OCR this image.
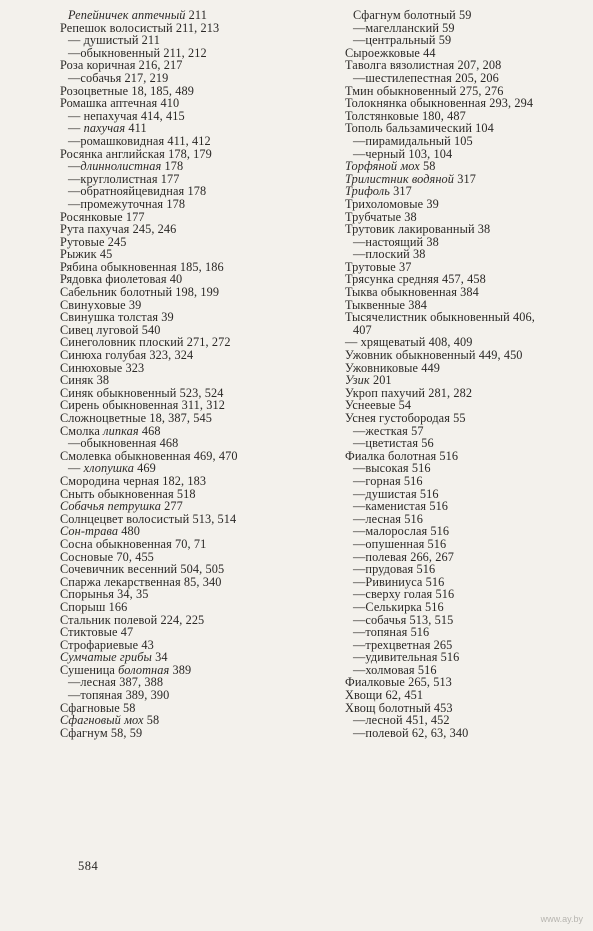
Репейничек аптечный 211
Репешок волосистый 211, 213
— душистый 211
—обыкновенный 211, 212
Роза коричная 216, 217
—собачья 217, 219
Розоцветные 18, 185, 489
Ромашка аптечная 410
— непахучая 414, 415
— пахучая 411
—ромашковидная 411, 412
Росянка английская 178, 179
—длиннолистная 178
—круглолистная 177
—обратнояйцевидная 178
—промежуточная 178
Росянковые 177
Рута пахучая 245, 246
Рутовые 245
Рыжик 45
Рябина обыкновенная 185, 186
Рядовка фиолетовая 40
Сабельник болотный 198, 199
Свинуховые 39
Свинушка толстая 39
Сивец луговой 540
Синеголовник плоский 271, 272
Синюха голубая 323, 324
Синюховые 323
Синяк 38
Синяк обыкновенный 523, 524
Сирень обыкновенная 311, 312
Сложноцветные 18, 387, 545
Смолка липкая 468
—обыкновенная 468
Смолевка обыкновенная 469, 470
— хлопушка 469
Смородина черная 182, 183
Сныть обыкновенная 518
Собачья петрушка 277
Солнцецвет волосистый 513, 514
Сон-трава 480
Сосна обыкновенная 70, 71
Сосновые 70, 455
Сочевичник весенний 504, 505
Спаржа лекарственная 85, 340
Спорынья 34, 35
Спорыш 166
Стальник полевой 224, 225
Стиктовые 47
Строфариевые 43
Сумчатые грибы 34
Сушеница болотная 389
—лесная 387, 388
—топяная 389, 390
Сфагновые 58
Сфагновый мох 58
Сфагнум 58, 59
Сфагнум болотный 59
—магелланский 59
—центральный 59
Сыроежковые 44
Таволга вязолистная 207, 208
—шестилепестная 205, 206
Тмин обыкновенный 275, 276
Толокнянка обыкновенная 293, 294
Толстянковые 180, 487
Тополь бальзамический 104
—пирамидальный 105
—черный 103, 104
Торфяной мох 58
Трилистник водяной 317
Трифоль 317
Трихоломовые 39
Трубчатые 38
Трутовик лакированный 38
—настоящий 38
—плоский 38
Трутовые 37
Трясунка средняя 457, 458
Тыква обыкновенная 384
Тыквенные 384
Тысячелистник обыкновенный 406,
407
— хрящеватый 408, 409
Ужовник обыкновенный 449, 450
Ужовниковые 449
Узик 201
Укроп пахучий 281, 282
Уснеевые 54
Уснея густобородая 55
—жесткая 57
—цветистая 56
Фиалка болотная 516
—высокая 516
—горная 516
—душистая 516
—каменистая 516
—лесная 516
—малорослая 516
—опушенная 516
—полевая 266, 267
—прудовая 516
—Ривиниуса 516
—сверху голая 516
—Селькирка 516
—собачья 513, 515
—топяная 516
—трехцветная 265
—удивительная 516
—холмовая 516
Фиалковые 265, 513
Хвощи 62, 451
Хвощ болотный 453
—лесной 451, 452
—полевой 62, 63, 340
584
www.ay.by
